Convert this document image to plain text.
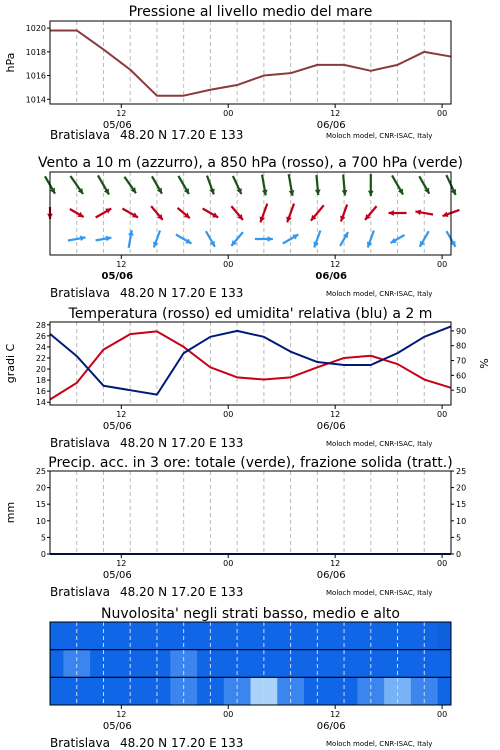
Pressione al livello medio del mare
12	00	12	00
05/06	06/06
Bratislava 48.20 N 17.20 E 133	Moloch model, CNR-ISAC, Italy
1014
1016
1018
1020
hPa
Vento a 10 m (azzurro), a 850 hPa (rosso), a 700 hPa (verde)
12	00	12	00
05/06	06/06
Bratislava 48.20 N 17.20 E 133	Moloch model, CNR-ISAC, Italy
Temperatura (rosso) ed umidita' relativa (blu) a 2 m
12	00	12	00
05/06	06/06
Bratislava 48.20 N 17.20 E 133	Moloch model, CNR-ISAC, Italy
14
16
18
20
22
24
26
28
gradi C
50
60
70
80
90
%
Precip. acc. in 3 ore: totale (verde), frazione solida (tratt.)
12	00	12	00
05/06	06/06
Bratislava 48.20 N 17.20 E 133	Moloch model, CNR-ISAC, Italy
0
5
10
15
20
25
mm
0
5
10
15
20
25
Nuvolosita' negli strati basso, medio e alto
12	00	12	00
05/06	06/06
Bratislava 48.20 N 17.20 E 133	Moloch model, CNR-ISAC, Italy
